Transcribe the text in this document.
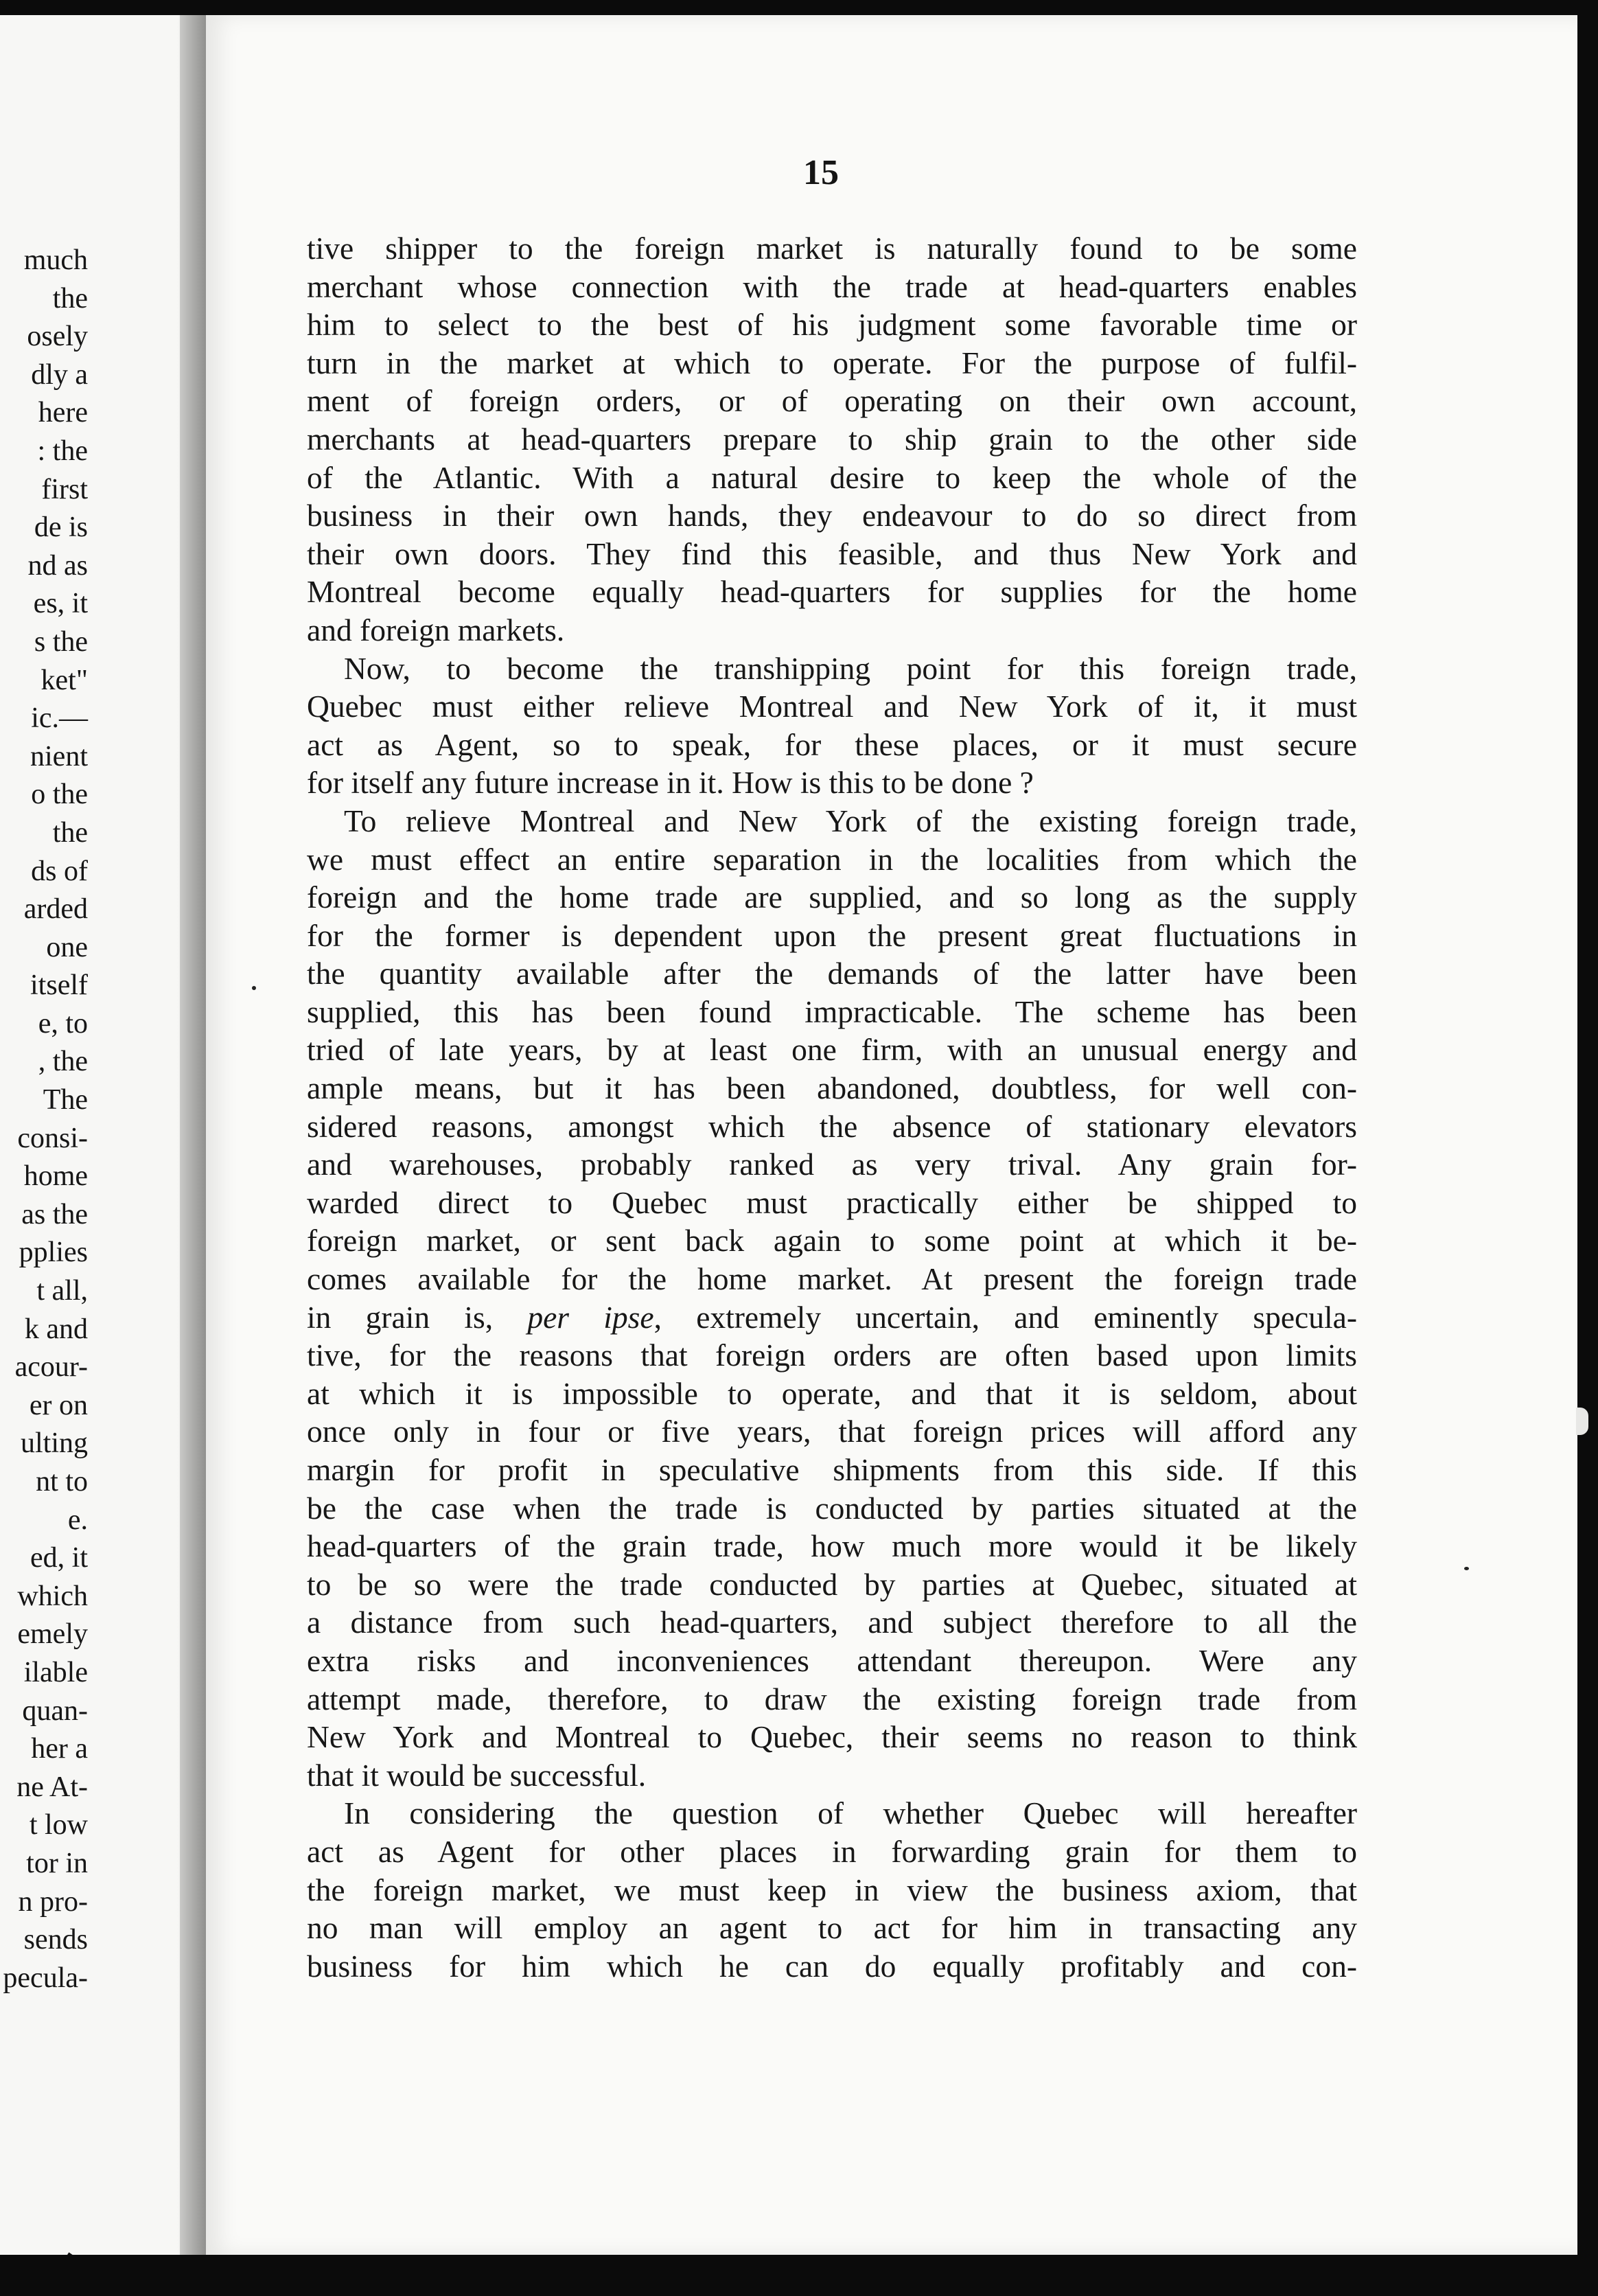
much
the
osely
dly a
here
: the
first
de is
nd as
es, it
s the
ket"
ic.—
nient
o the
the
ds of
arded
one
itself
e, to
, the
The
consi-
home
as the
pplies
t all,
k and
acour-
er on
ulting
nt to
e.
ed, it
which
emely
ilable
quan-
her a
ne At-
t low
tor in
n pro-
sends
pecula-
15
tive shipper to the foreign market is naturally found to be some
merchant whose connection with the trade at head-quarters enables
him to select to the best of his judgment some favorable time or
turn in the market at which to operate. For the purpose of fulfil-
ment of foreign orders, or of operating on their own account,
merchants at head-quarters prepare to ship grain to the other side
of the Atlantic. With a natural desire to keep the whole of the
business in their own hands, they endeavour to do so direct from
their own doors. They find this feasible, and thus New York and
Montreal become equally head-quarters for supplies for the home
and foreign markets.
Now, to become the transhipping point for this foreign trade,
Quebec must either relieve Montreal and New York of it, it must
act as Agent, so to speak, for these places, or it must secure
for itself any future increase in it. How is this to be done ?
To relieve Montreal and New York of the existing foreign trade,
we must effect an entire separation in the localities from which the
foreign and the home trade are supplied, and so long as the supply
for the former is dependent upon the present great fluctuations in
the quantity available after the demands of the latter have been
supplied, this has been found impracticable. The scheme has been
tried of late years, by at least one firm, with an unusual energy and
ample means, but it has been abandoned, doubtless, for well con-
sidered reasons, amongst which the absence of stationary elevators
and warehouses, probably ranked as very trival. Any grain for-
warded direct to Quebec must practically either be shipped to
foreign market, or sent back again to some point at which it be-
comes available for the home market. At present the foreign trade
in grain is, per ipse, extremely uncertain, and eminently specula-
tive, for the reasons that foreign orders are often based upon limits
at which it is impossible to operate, and that it is seldom, about
once only in four or five years, that foreign prices will afford any
margin for profit in speculative shipments from this side. If this
be the case when the trade is conducted by parties situated at the
head-quarters of the grain trade, how much more would it be likely
to be so were the trade conducted by parties at Quebec, situated at
a distance from such head-quarters, and subject therefore to all the
extra risks and inconveniences attendant thereupon. Were any
attempt made, therefore, to draw the existing foreign trade from
New York and Montreal to Quebec, their seems no reason to think
that it would be successful.
In considering the question of whether Quebec will hereafter
act as Agent for other places in forwarding grain for them to
the foreign market, we must keep in view the business axiom, that
no man will employ an agent to act for him in transacting any
business for him which he can do equally profitably and con-
